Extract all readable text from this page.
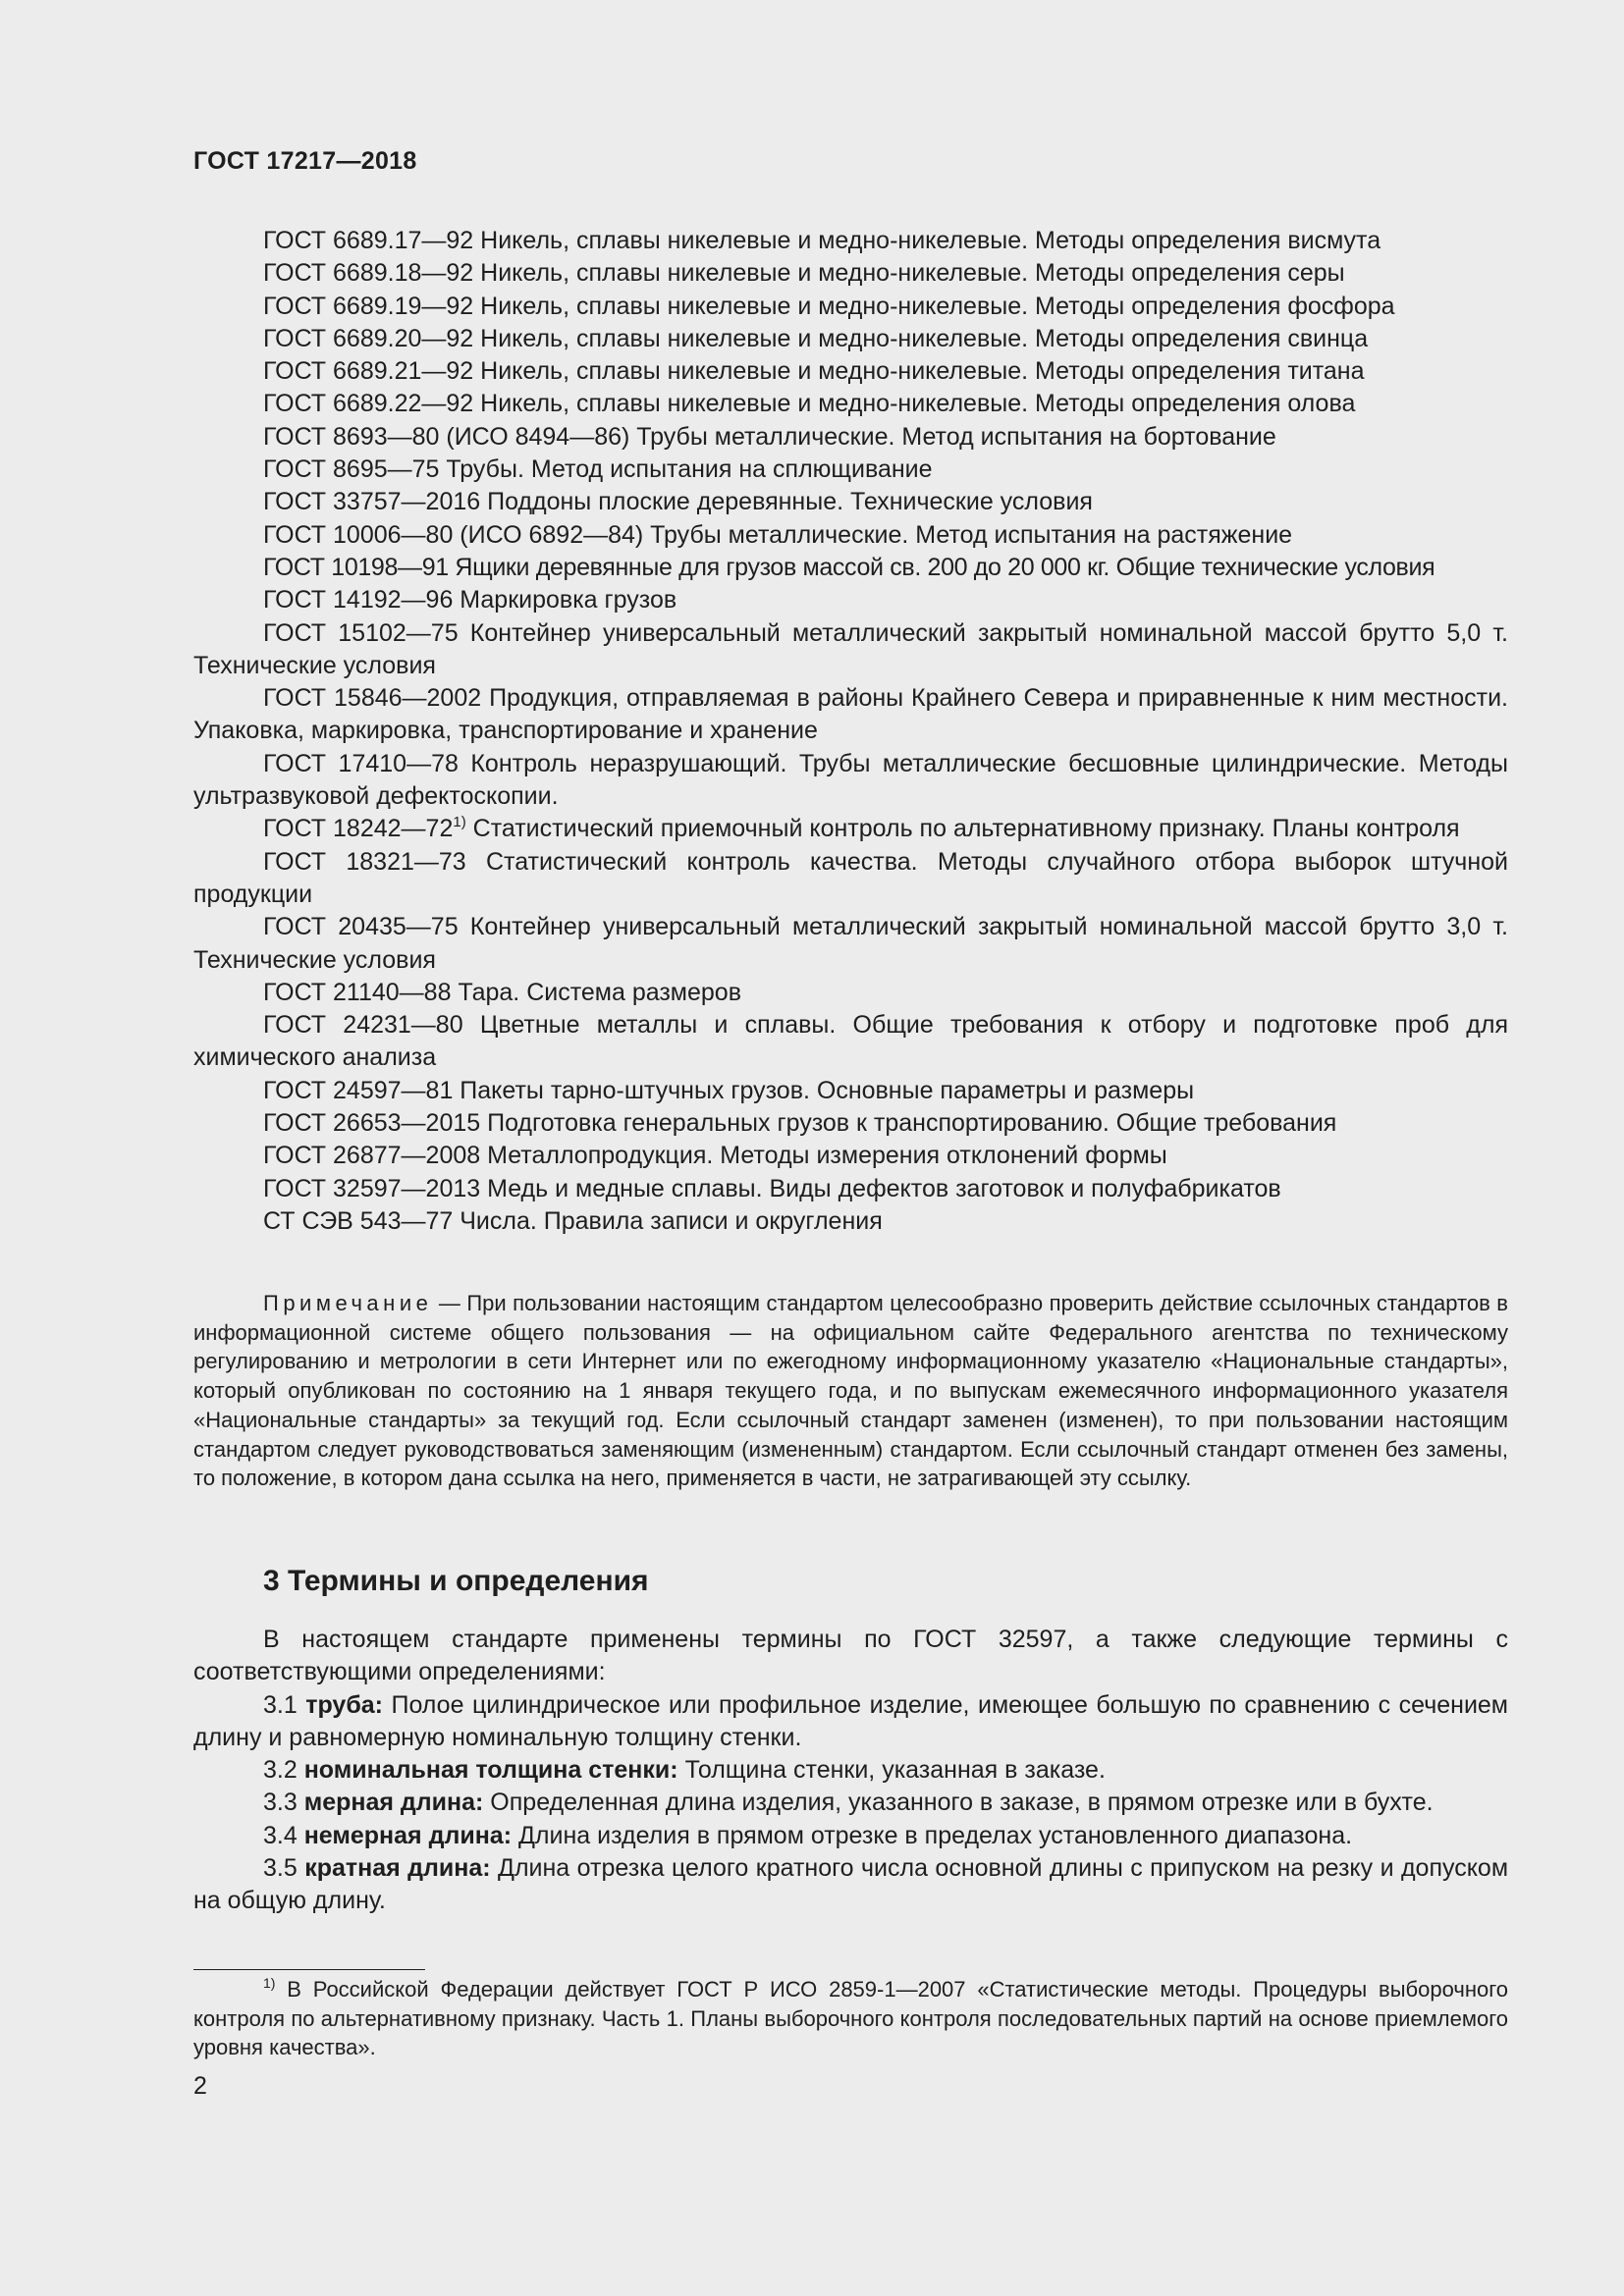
ГОСТ 17217—2018

ГОСТ 6689.17—92 Никель, сплавы никелевые и медно-никелевые. Методы определения висмута

ГОСТ 6689.18—92 Никель, сплавы никелевые и медно-никелевые. Методы определения серы

ГОСТ 6689.19—92 Никель, сплавы никелевые и медно-никелевые. Методы определения фосфора

ГОСТ 6689.20—92 Никель, сплавы никелевые и медно-никелевые. Методы определения свинца

ГОСТ 6689.21—92 Никель, сплавы никелевые и медно-никелевые. Методы определения титана

ГОСТ 6689.22—92 Никель, сплавы никелевые и медно-никелевые. Методы определения олова

ГОСТ 8693—80 (ИСО 8494—86) Трубы металлические. Метод испытания на бортование

ГОСТ 8695—75 Трубы. Метод испытания на сплющивание

ГОСТ 33757—2016 Поддоны плоские деревянные. Технические условия

ГОСТ 10006—80 (ИСО 6892—84) Трубы металлические. Метод испытания на растяжение

ГОСТ 10198—91 Ящики деревянные для грузов массой св. 200 до 20 000 кг. Общие технические условия

ГОСТ 14192—96 Маркировка грузов

ГОСТ 15102—75 Контейнер универсальный металлический закрытый номинальной массой брутто 5,0 т. Технические условия

ГОСТ 15846—2002 Продукция, отправляемая в районы Крайнего Севера и приравненные к ним местности. Упаковка, маркировка, транспортирование и хранение

ГОСТ 17410—78 Контроль неразрушающий. Трубы металлические бесшовные цилиндрические. Методы ультразвуковой дефектоскопии.

ГОСТ 18242—72$^{1)}$ Статистический приемочный контроль по альтернативному признаку. Планы контроля

ГОСТ 18321—73 Статистический контроль качества. Методы случайного отбора выборок штучной продукции

ГОСТ 20435—75 Контейнер универсальный металлический закрытый номинальной массой брутто 3,0 т. Технические условия

ГОСТ 21140—88 Тара. Система размеров

ГОСТ 24231—80 Цветные металлы и сплавы. Общие требования к отбору и подготовке проб для химического анализа

ГОСТ 24597—81 Пакеты тарно-штучных грузов. Основные параметры и размеры

ГОСТ 26653—2015 Подготовка генеральных грузов к транспортированию. Общие требования

ГОСТ 26877—2008 Металлопродукция. Методы измерения отклонений формы

ГОСТ 32597—2013 Медь и медные сплавы. Виды дефектов заготовок и полуфабрикатов

СТ СЭВ 543—77 Числа. Правила записи и округления

Примечание — При пользовании настоящим стандартом целесообразно проверить действие ссылочных стандартов в информационной системе общего пользования — на официальном сайте Федерального агентства по техническому регулированию и метрологии в сети Интернет или по ежегодному информационному указателю «Национальные стандарты», который опубликован по состоянию на 1 января текущего года, и по выпускам ежемесячного информационного указателя «Национальные стандарты» за текущий год. Если ссылочный стандарт заменен (изменен), то при пользовании настоящим стандартом следует руководствоваться заменяющим (измененным) стандартом. Если ссылочный стандарт отменен без замены, то положение, в котором дана ссылка на него, применяется в части, не затрагивающей эту ссылку.

3 Термины и определения

В настоящем стандарте применены термины по ГОСТ 32597, а также следующие термины с соответствующими определениями:

3.1 труба: Полое цилиндрическое или профильное изделие, имеющее большую по сравнению с сечением длину и равномерную номинальную толщину стенки.

3.2 номинальная толщина стенки: Толщина стенки, указанная в заказе.

3.3 мерная длина: Определенная длина изделия, указанного в заказе, в прямом отрезке или в бухте.

3.4 немерная длина: Длина изделия в прямом отрезке в пределах установленного диапазона.

3.5 кратная длина: Длина отрезка целого кратного числа основной длины с припуском на резку и допуском на общую длину.

$^{1)}$ В Российской Федерации действует ГОСТ Р ИСО 2859-1—2007 «Статистические методы. Процедуры выборочного контроля по альтернативному признаку. Часть 1. Планы выборочного контроля последовательных партий на основе приемлемого уровня качества».

2
